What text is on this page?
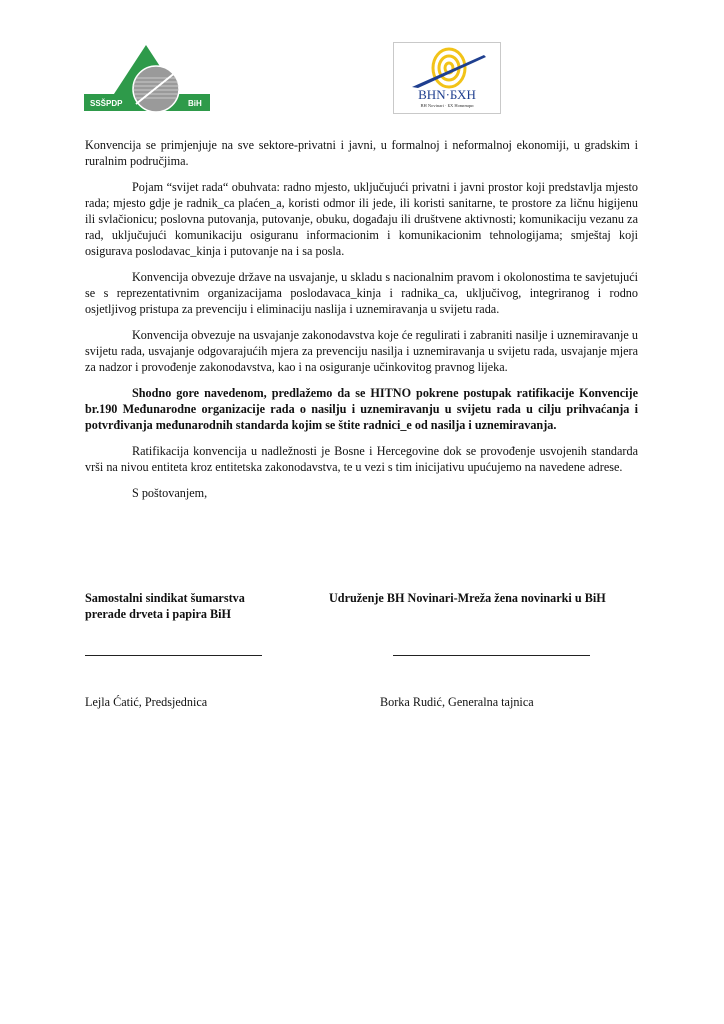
SSŠPDP	BiH
BHN·БХН
BH Novinari · БХ Новинари

Konvencija se primjenjuje na sve sektore-privatni i javni, u formalnoj i neformalnoj ekonomiji, u gradskim i ruralnim područjima.

Pojam “svijet rada“ obuhvata: radno mjesto, uključujući privatni i javni prostor koji predstavlja mjesto rada; mjesto gdje je radnik_ca plaćen_a, koristi odmor ili jede, ili koristi sanitarne, te prostore za ličnu higijenu ili svlačionicu; poslovna putovanja, putovanje, obuku, događaju ili društvene aktivnosti; komunikaciju vezanu za rad, uključujući komunikaciju osiguranu informacionim i komunikacionim tehnologijama; smještaj koji osigurava poslodavac_kinja i putovanje na i sa posla.

Konvencija obvezuje države na usvajanje, u skladu s nacionalnim pravom i okolonostima te savjetujući se s reprezentativnim organizacijama poslodavaca_kinja i radnika_ca, uključivog, integriranog i rodno osjetljivog pristupa za prevenciju i eliminaciju naslija i uznemiravanja u svijetu rada.

Konvencija obvezuje na usvajanje zakonodavstva koje će regulirati i zabraniti nasilje i uznemiravanje u svijetu rada, usvajanje odgovarajućih mjera za prevenciju nasilja i uznemiravanja u svijetu rada, usvajanje mjera za nadzor i provođenje zakonodavstva, kao i na osiguranje učinkovitog pravnog lijeka.

Shodno gore navedenom, predlažemo da se HITNO pokrene postupak ratifikacije Konvencije br.190 Međunarodne organizacije rada o nasilju i uznemiravanju u svijetu rada u cilju prihvaćanja i potvrđivanja međunarodnih standarda kojim se štite radnici_e od nasilja i uznemiravanja.

Ratifikacija konvencija u nadležnosti je Bosne i Hercegovine dok se provođenje usvojenih standarda vrši na nivou entiteta kroz entitetska zakonodavstva, te u vezi s tim inicijativu upućujemo na navedene adrese.

S poštovanjem,

Samostalni sindikat šumarstva
prerade drveta i papira BiH
Udruženje BH Novinari-Mreža žena novinarki u BiH
Lejla Ćatić, Predsjednica	Borka Rudić, Generalna tajnica
